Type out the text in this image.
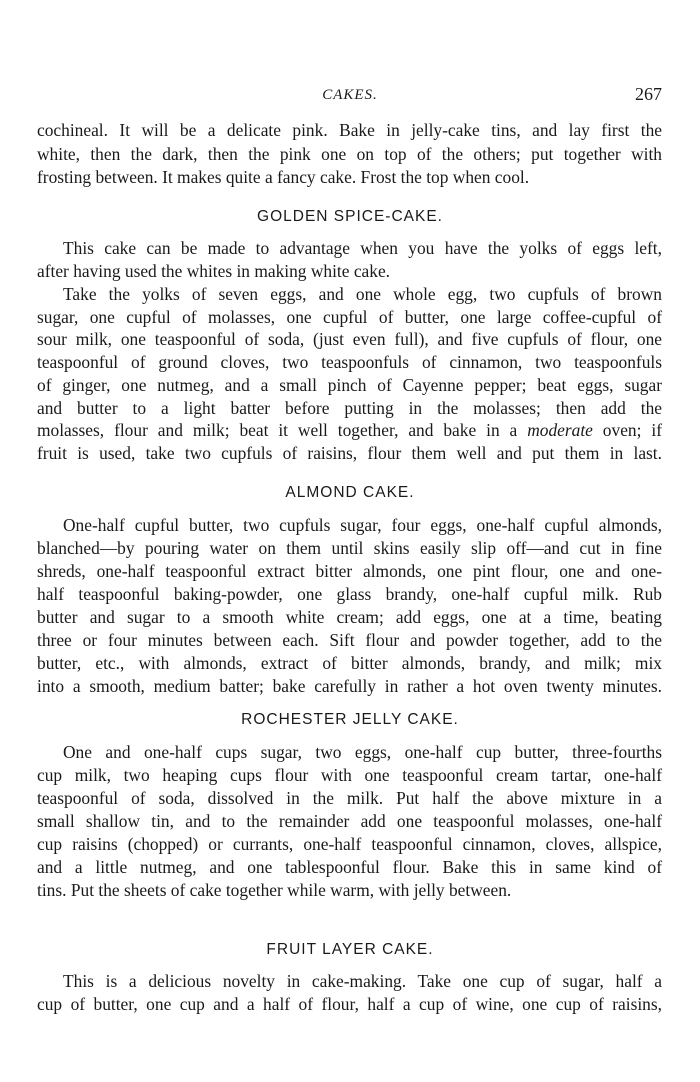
CAKES.	267
cochineal. It will be a delicate pink. Bake in jelly-cake tins, and lay first the
white, then the dark, then the pink one on top of the others; put together with
frosting between. It makes quite a fancy cake. Frost the top when cool.
GOLDEN SPICE-CAKE.
This cake can be made to advantage when you have the yolks of eggs left,
after having used the whites in making white cake.
Take the yolks of seven eggs, and one whole egg, two cupfuls of brown
sugar, one cupful of molasses, one cupful of butter, one large coffee-cupful of
sour milk, one teaspoonful of soda, (just even full), and five cupfuls of flour, one
teaspoonful of ground cloves, two teaspoonfuls of cinnamon, two teaspoonfuls
of ginger, one nutmeg, and a small pinch of Cayenne pepper; beat eggs, sugar
and butter to a light batter before putting in the molasses; then add the
molasses, flour and milk; beat it well together, and bake in a moderate oven; if
fruit is used, take two cupfuls of raisins, flour them well and put them in last.
ALMOND CAKE.
One-half cupful butter, two cupfuls sugar, four eggs, one-half cupful almonds,
blanched—by pouring water on them until skins easily slip off—and cut in fine
shreds, one-half teaspoonful extract bitter almonds, one pint flour, one and one-
half teaspoonful baking-powder, one glass brandy, one-half cupful milk. Rub
butter and sugar to a smooth white cream; add eggs, one at a time, beating
three or four minutes between each. Sift flour and powder together, add to the
butter, etc., with almonds, extract of bitter almonds, brandy, and milk; mix
into a smooth, medium batter; bake carefully in rather a hot oven twenty minutes.
ROCHESTER JELLY CAKE.
One and one-half cups sugar, two eggs, one-half cup butter, three-fourths
cup milk, two heaping cups flour with one teaspoonful cream tartar, one-half
teaspoonful of soda, dissolved in the milk. Put half the above mixture in a
small shallow tin, and to the remainder add one teaspoonful molasses, one-half
cup raisins (chopped) or currants, one-half teaspoonful cinnamon, cloves, allspice,
and a little nutmeg, and one tablespoonful flour. Bake this in same kind of
tins. Put the sheets of cake together while warm, with jelly between.
FRUIT LAYER CAKE.
This is a delicious novelty in cake-making. Take one cup of sugar, half a
cup of butter, one cup and a half of flour, half a cup of wine, one cup of raisins,
